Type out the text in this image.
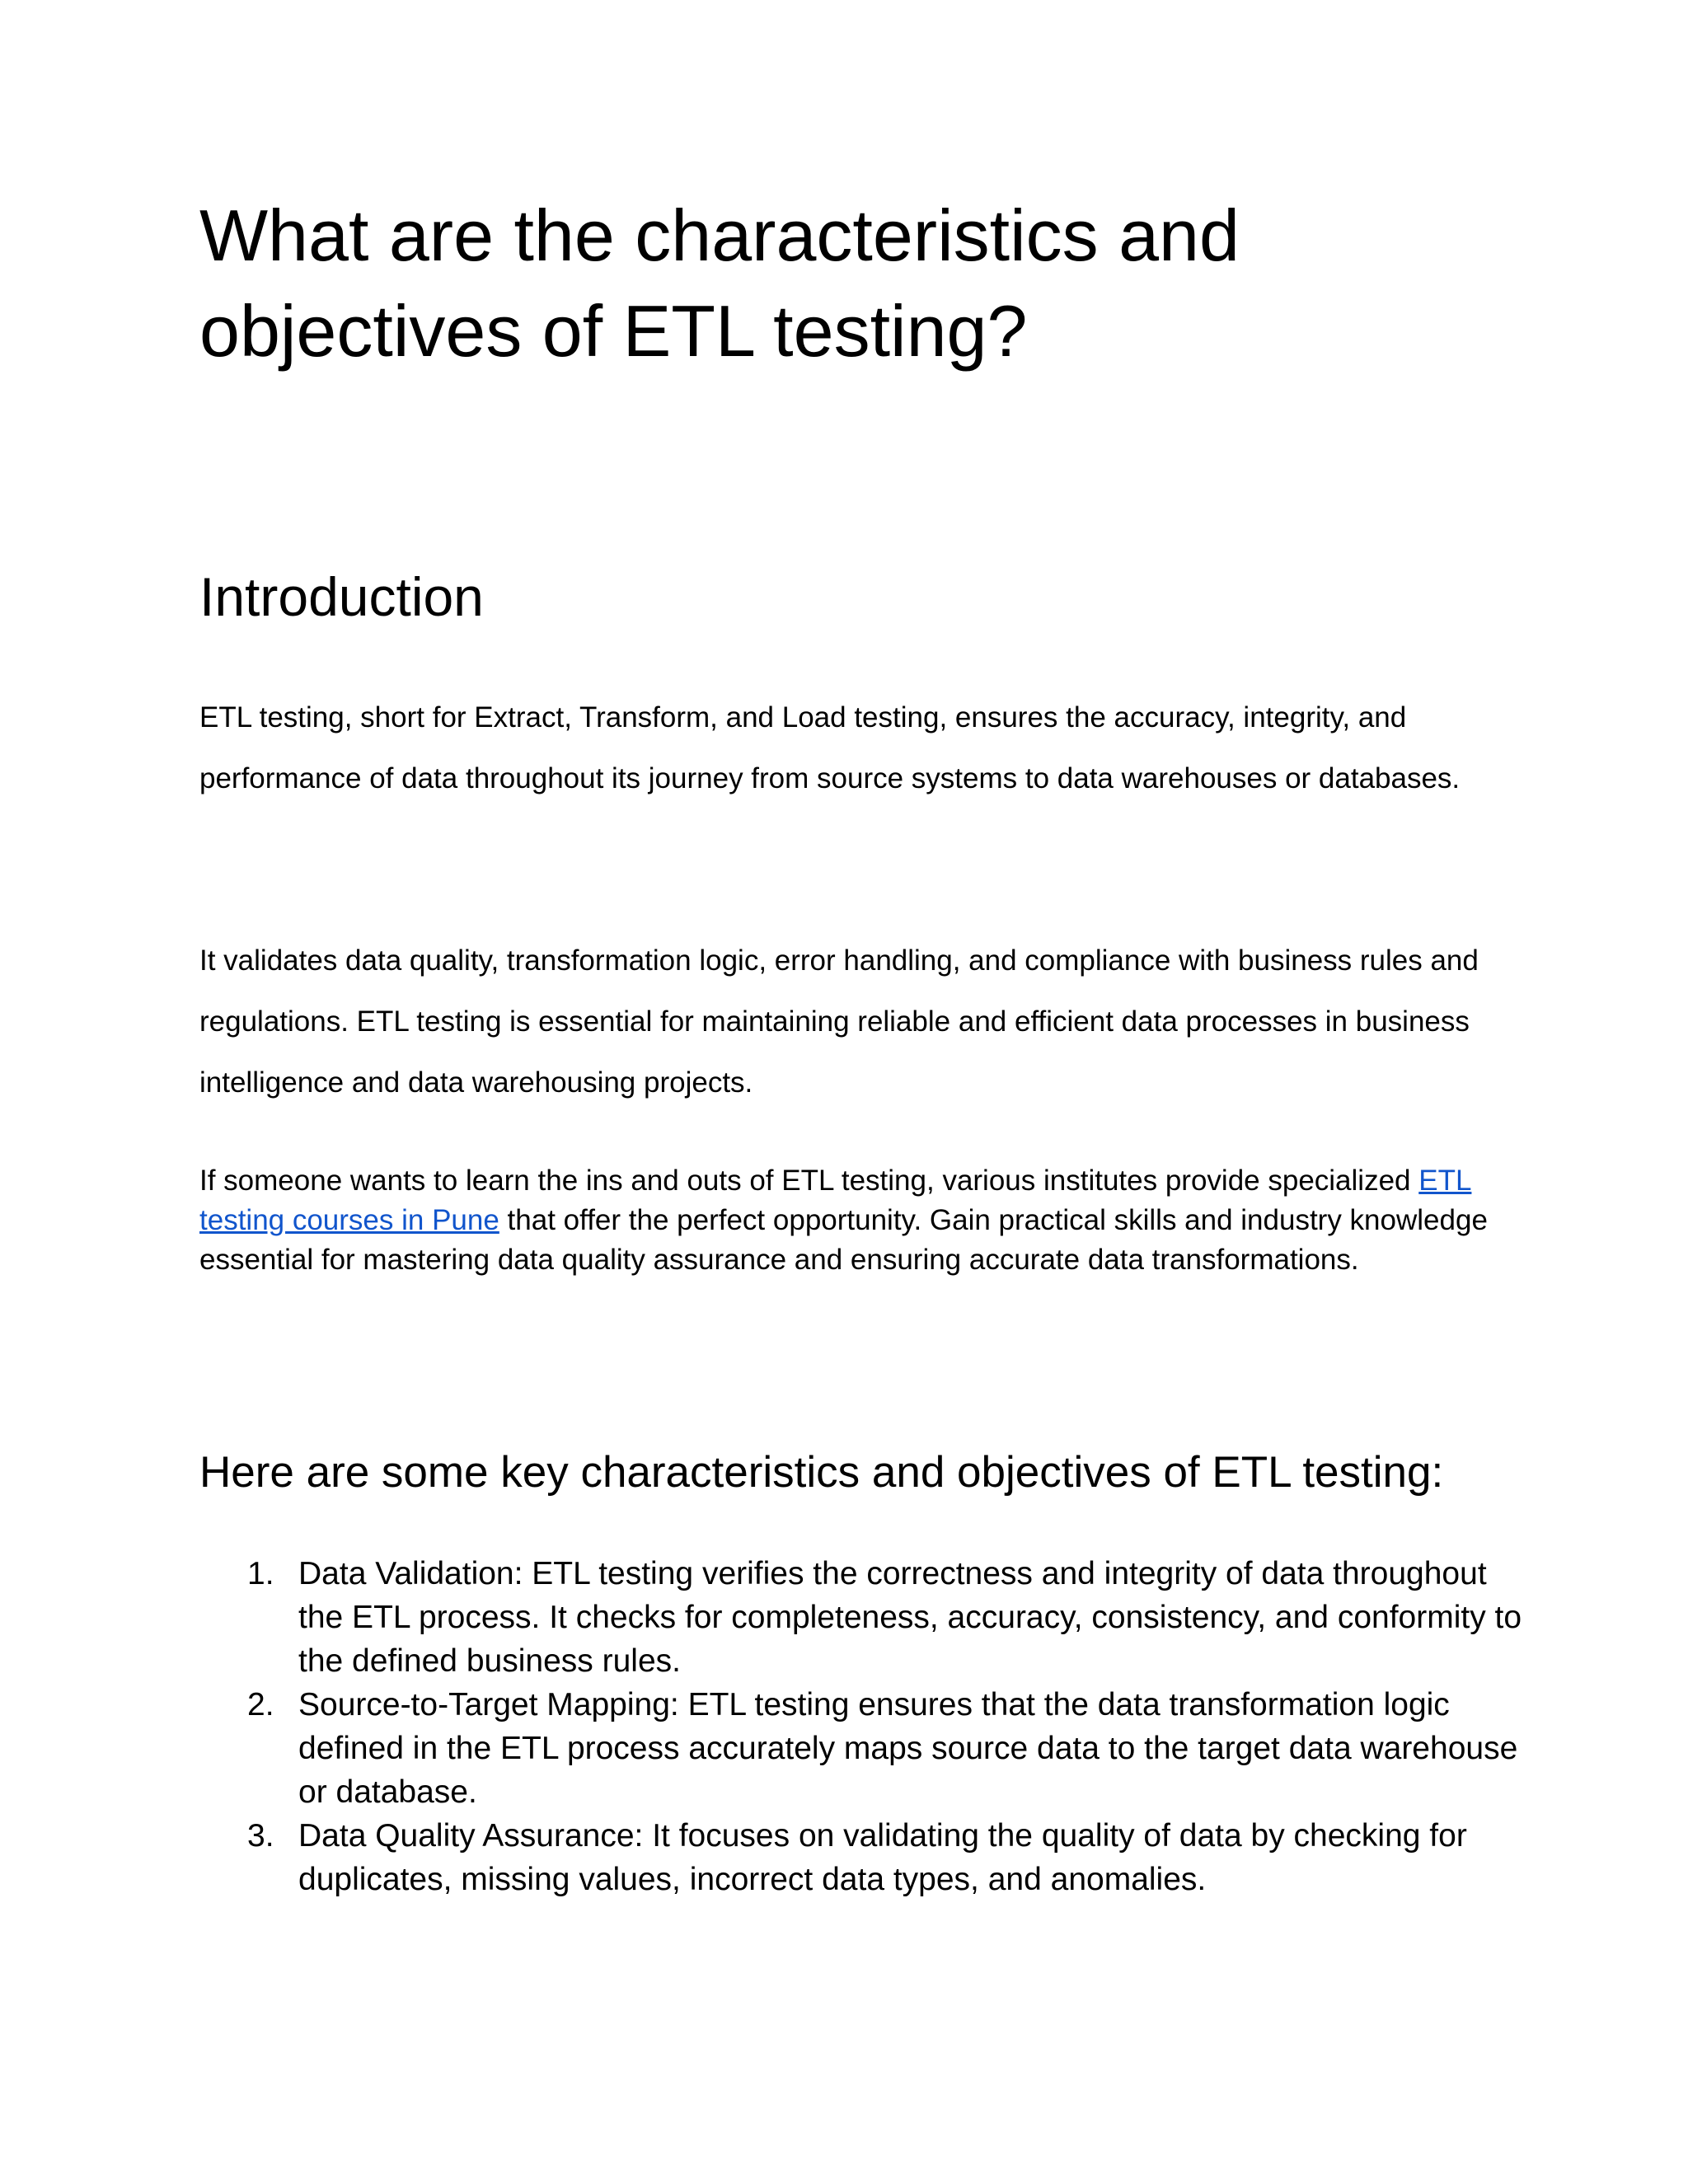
What are the characteristics and objectives of ETL testing?
Introduction

ETL testing, short for Extract, Transform, and Load testing, ensures the accuracy, integrity, and performance of data throughout its journey from source systems to data warehouses or databases.

It validates data quality, transformation logic, error handling, and compliance with business rules and regulations. ETL testing is essential for maintaining reliable and efficient data processes in business intelligence and data warehousing projects.

If someone wants to learn the ins and outs of ETL testing, various institutes provide specialized ETL testing courses in Pune that offer the perfect opportunity. Gain practical skills and industry knowledge essential for mastering data quality assurance and ensuring accurate data transformations.

Here are some key characteristics and objectives of ETL testing:
1. Data Validation: ETL testing verifies the correctness and integrity of data throughout the ETL process. It checks for completeness, accuracy, consistency, and conformity to the defined business rules.
2. Source-to-Target Mapping: ETL testing ensures that the data transformation logic defined in the ETL process accurately maps source data to the target data warehouse or database.
3. Data Quality Assurance: It focuses on validating the quality of data by checking for duplicates, missing values, incorrect data types, and anomalies.
